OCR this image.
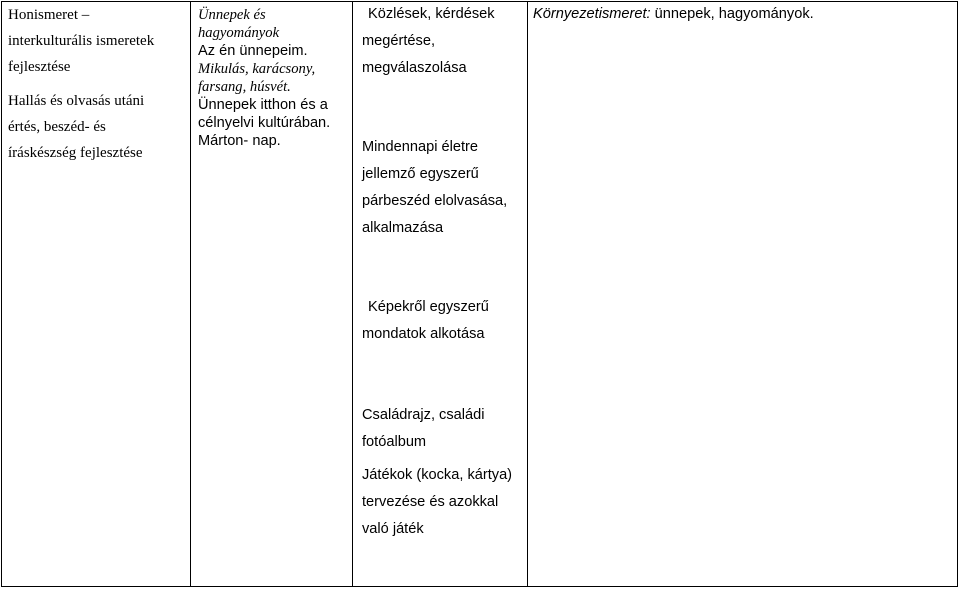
Honismeret –
interkulturális ismeretek
fejlesztése
Hallás és olvasás utáni
értés, beszéd- és
íráskészség fejlesztése
Ünnepek és
hagyományok
Az én ünnepeim.
Mikulás, karácsony,
farsang, húsvét.
Ünnepek itthon és a
célnyelvi kultúrában.
Márton- nap.
Közlések, kérdések
megértése,
megválaszolása
Mindennapi életre
jellemző egyszerű
párbeszéd elolvasása,
alkalmazása
Képekről egyszerű
mondatok alkotása
Családrajz, családi
fotóalbum
Játékok (kocka, kártya)
tervezése és azokkal
való játék
Környezetismeret: ünnepek, hagyományok.
